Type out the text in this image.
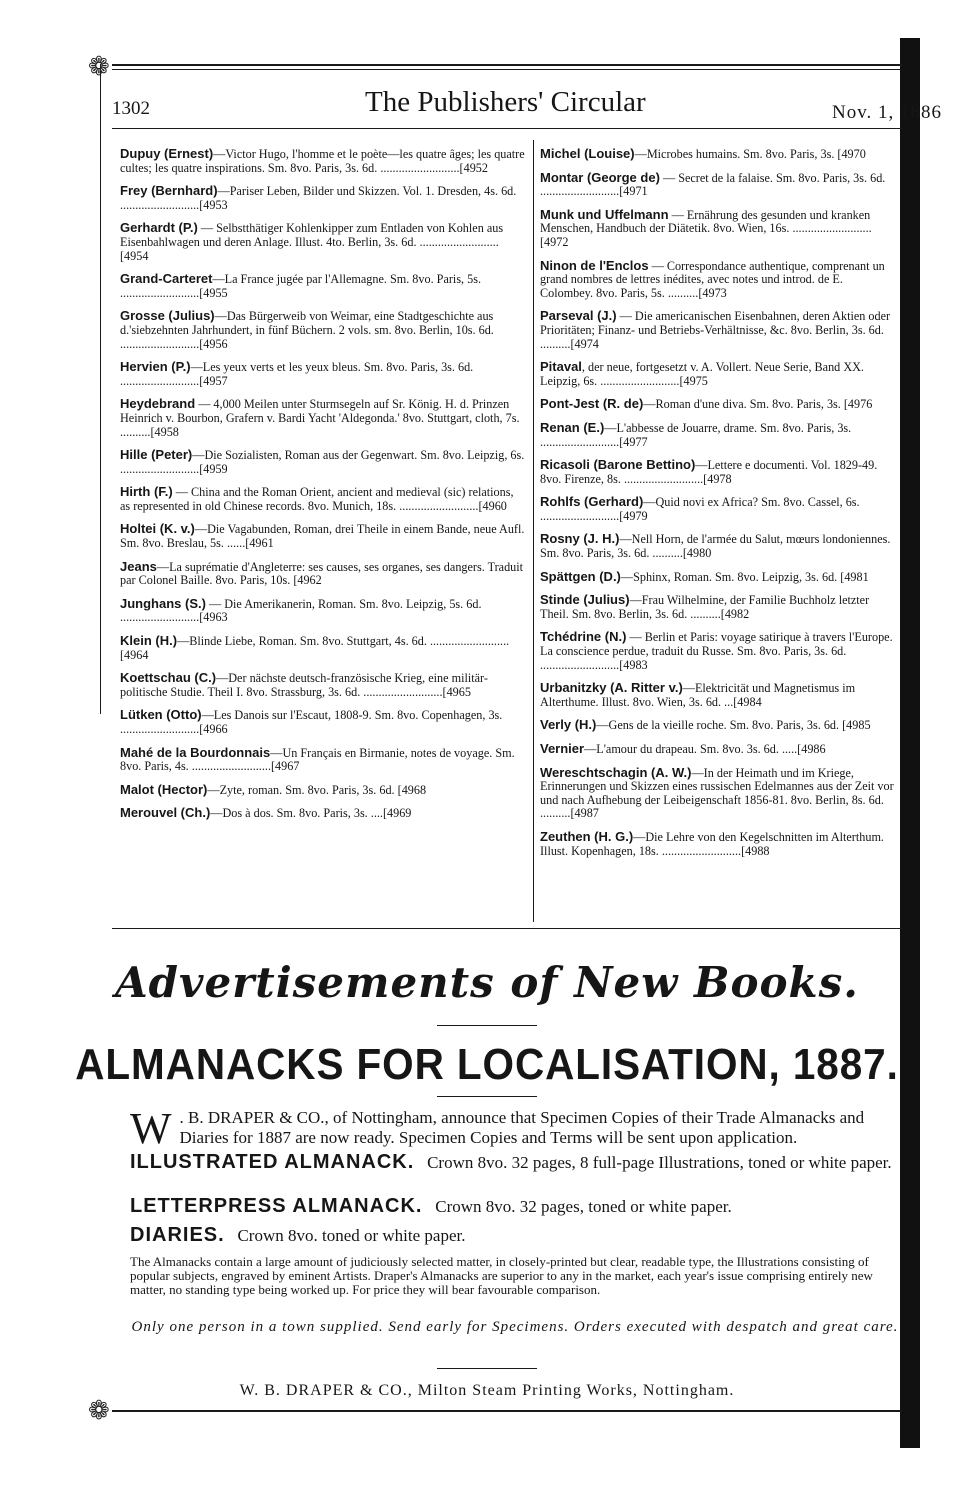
❁
❁
1302	The Publishers' Circular	Nov. 1, 1886
Dupuy (Ernest)—Victor Hugo, l'homme et le poète—les quatre âges; les quatre cultes; les quatre inspirations. Sm. 8vo. Paris, 3s. 6d. ..........................[4952
Frey (Bernhard)—Pariser Leben, Bilder und Skizzen. Vol. 1. Dresden, 4s. 6d. ..........................[4953
Gerhardt (P.) — Selbstthätiger Kohlenkipper zum Entladen von Kohlen aus Eisenbahlwagen und deren Anlage. Illust. 4to. Berlin, 3s. 6d. ..........................[4954
Grand-Carteret—La France jugée par l'Allemagne. Sm. 8vo. Paris, 5s. ..........................[4955
Grosse (Julius)—Das Bürgerweib von Weimar, eine Stadtgeschichte aus d.'siebzehnten Jahrhundert, in fünf Büchern. 2 vols. sm. 8vo. Berlin, 10s. 6d. ..........................[4956
Hervien (P.)—Les yeux verts et les yeux bleus. Sm. 8vo. Paris, 3s. 6d. ..........................[4957
Heydebrand — 4,000 Meilen unter Sturmsegeln auf Sr. König. H. d. Prinzen Heinrich v. Bourbon, Grafern v. Bardi Yacht 'Aldegonda.' 8vo. Stuttgart, cloth, 7s. ..........[4958
Hille (Peter)—Die Sozialisten, Roman aus der Gegenwart. Sm. 8vo. Leipzig, 6s. ..........................[4959
Hirth (F.) — China and the Roman Orient, ancient and medieval (sic) relations, as represented in old Chinese records. 8vo. Munich, 18s. ..........................[4960
Holtei (K. v.)—Die Vagabunden, Roman, drei Theile in einem Bande, neue Aufl. Sm. 8vo. Breslau, 5s. ......[4961
Jeans—La suprématie d'Angleterre: ses causes, ses organes, ses dangers. Traduit par Colonel Baille. 8vo. Paris, 10s. [4962
Junghans (S.) — Die Amerikanerin, Roman. Sm. 8vo. Leipzig, 5s. 6d. ..........................[4963
Klein (H.)—Blinde Liebe, Roman. Sm. 8vo. Stuttgart, 4s. 6d. ..........................[4964
Koettschau (C.)—Der nächste deutsch-französische Krieg, eine militär-politische Studie. Theil I. 8vo. Strassburg, 3s. 6d. ..........................[4965
Lütken (Otto)—Les Danois sur l'Escaut, 1808-9. Sm. 8vo. Copenhagen, 3s. ..........................[4966
Mahé de la Bourdonnais—Un Français en Birmanie, notes de voyage. Sm. 8vo. Paris, 4s. ..........................[4967
Malot (Hector)—Zyte, roman. Sm. 8vo. Paris, 3s. 6d. [4968
Merouvel (Ch.)—Dos à dos. Sm. 8vo. Paris, 3s. ....[4969
Michel (Louise)—Microbes humains. Sm. 8vo. Paris, 3s. [4970
Montar (George de) — Secret de la falaise. Sm. 8vo. Paris, 3s. 6d. ..........................[4971
Munk und Uffelmann — Ernährung des gesunden und kranken Menschen, Handbuch der Diätetik. 8vo. Wien, 16s. ..........................[4972
Ninon de l'Enclos — Correspondance authentique, comprenant un grand nombres de lettres inédites, avec notes und introd. de E. Colombey. 8vo. Paris, 5s. ..........[4973
Parseval (J.) — Die americanischen Eisenbahnen, deren Aktien oder Prioritäten; Finanz- und Betriebs-Verhältnisse, &c. 8vo. Berlin, 3s. 6d. ..........[4974
Pitaval, der neue, fortgesetzt v. A. Vollert. Neue Serie, Band XX. Leipzig, 6s. ..........................[4975
Pont-Jest (R. de)—Roman d'une diva. Sm. 8vo. Paris, 3s. [4976
Renan (E.)—L'abbesse de Jouarre, drame. Sm. 8vo. Paris, 3s. ..........................[4977
Ricasoli (Barone Bettino)—Lettere e documenti. Vol. 1829-49. 8vo. Firenze, 8s. ..........................[4978
Rohlfs (Gerhard)—Quid novi ex Africa? Sm. 8vo. Cassel, 6s. ..........................[4979
Rosny (J. H.)—Nell Horn, de l'armée du Salut, mœurs londoniennes. Sm. 8vo. Paris, 3s. 6d. ..........[4980
Spättgen (D.)—Sphinx, Roman. Sm. 8vo. Leipzig, 3s. 6d. [4981
Stinde (Julius)—Frau Wilhelmine, der Familie Buchholz letzter Theil. Sm. 8vo. Berlin, 3s. 6d. ..........[4982
Tchédrine (N.) — Berlin et Paris: voyage satirique à travers l'Europe. La conscience perdue, traduit du Russe. Sm. 8vo. Paris, 3s. 6d. ..........................[4983
Urbanitzky (A. Ritter v.)—Elektricität und Magnetismus im Alterthume. Illust. 8vo. Wien, 3s. 6d. ...[4984
Verly (H.)—Gens de la vieille roche. Sm. 8vo. Paris, 3s. 6d. [4985
Vernier—L'amour du drapeau. Sm. 8vo. 3s. 6d. .....[4986
Wereschtschagin (A. W.)—In der Heimath und im Kriege, Erinnerungen und Skizzen eines russischen Edelmannes aus der Zeit vor und nach Aufhebung der Leibeigenschaft 1856-81. 8vo. Berlin, 8s. 6d. ..........[4987
Zeuthen (H. G.)—Die Lehre von den Kegelschnitten im Alterthum. Illust. Kopenhagen, 18s. ..........................[4988
Advertisements of New Books.
ALMANACKS FOR LOCALISATION, 1887.
W . B. DRAPER & CO., of Nottingham, announce that Specimen Copies of their Trade Almanacks and Diaries for 1887 are now ready. Specimen Copies and Terms will be sent upon application.
ILLUSTRATED ALMANACK. Crown 8vo. 32 pages, 8 full-page Illustrations, toned or white paper.
LETTERPRESS ALMANACK. Crown 8vo. 32 pages, toned or white paper.
DIARIES. Crown 8vo. toned or white paper.
The Almanacks contain a large amount of judiciously selected matter, in closely-printed but clear, readable type, the Illustrations consisting of popular subjects, engraved by eminent Artists. Draper's Almanacks are superior to any in the market, each year's issue comprising entirely new matter, no standing type being worked up. For price they will bear favourable comparison.
Only one person in a town supplied. Send early for Specimens. Orders executed with despatch and great care.
W. B. DRAPER & CO., Milton Steam Printing Works, Nottingham.
